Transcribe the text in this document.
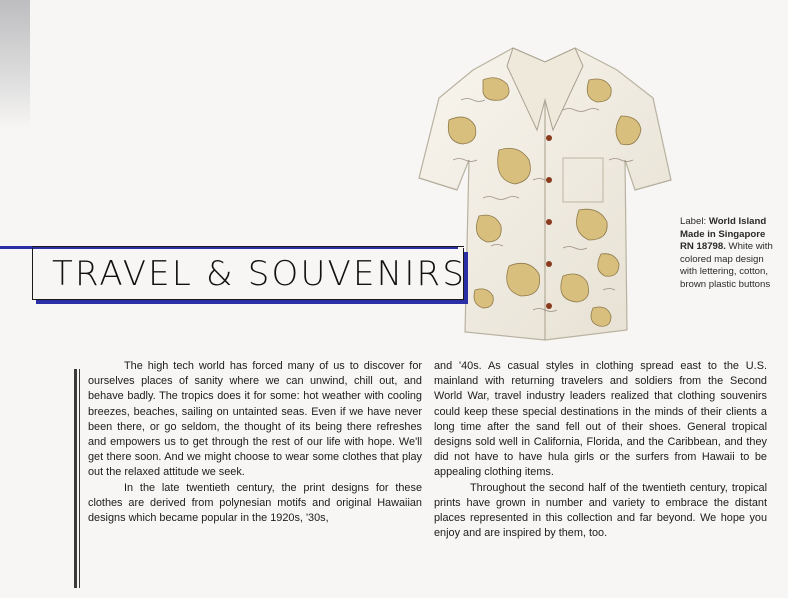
Label: World Island Made in Singapore RN 18798. White with colored map design with lettering, cotton, brown plastic buttons
TRAVEL & SOUVENIRS

The high tech world has forced many of us to discover for ourselves places of sanity where we can unwind, chill out, and behave badly. The tropics does it for some: hot weather with cooling breezes, beaches, sailing on untainted seas. Even if we have never been there, or go seldom, the thought of its being there refreshes and empowers us to get through the rest of our life with hope. We'll get there soon. And we might choose to wear some clothes that play out the relaxed attitude we seek.

In the late twentieth century, the print designs for these clothes are derived from polynesian motifs and original Hawaiian designs which became popular in the 1920s, '30s,

and '40s. As casual styles in clothing spread east to the U.S. mainland with returning travelers and soldiers from the Second World War, travel industry leaders realized that clothing souvenirs could keep these special destinations in the minds of their clients a long time after the sand fell out of their shoes. General tropical designs sold well in California, Florida, and the Caribbean, and they did not have to have hula girls or the surfers from Hawaii to be appealing clothing items.

Throughout the second half of the twentieth century, tropical prints have grown in number and variety to embrace the distant places represented in this collection and far beyond. We hope you enjoy and are inspired by them, too.
